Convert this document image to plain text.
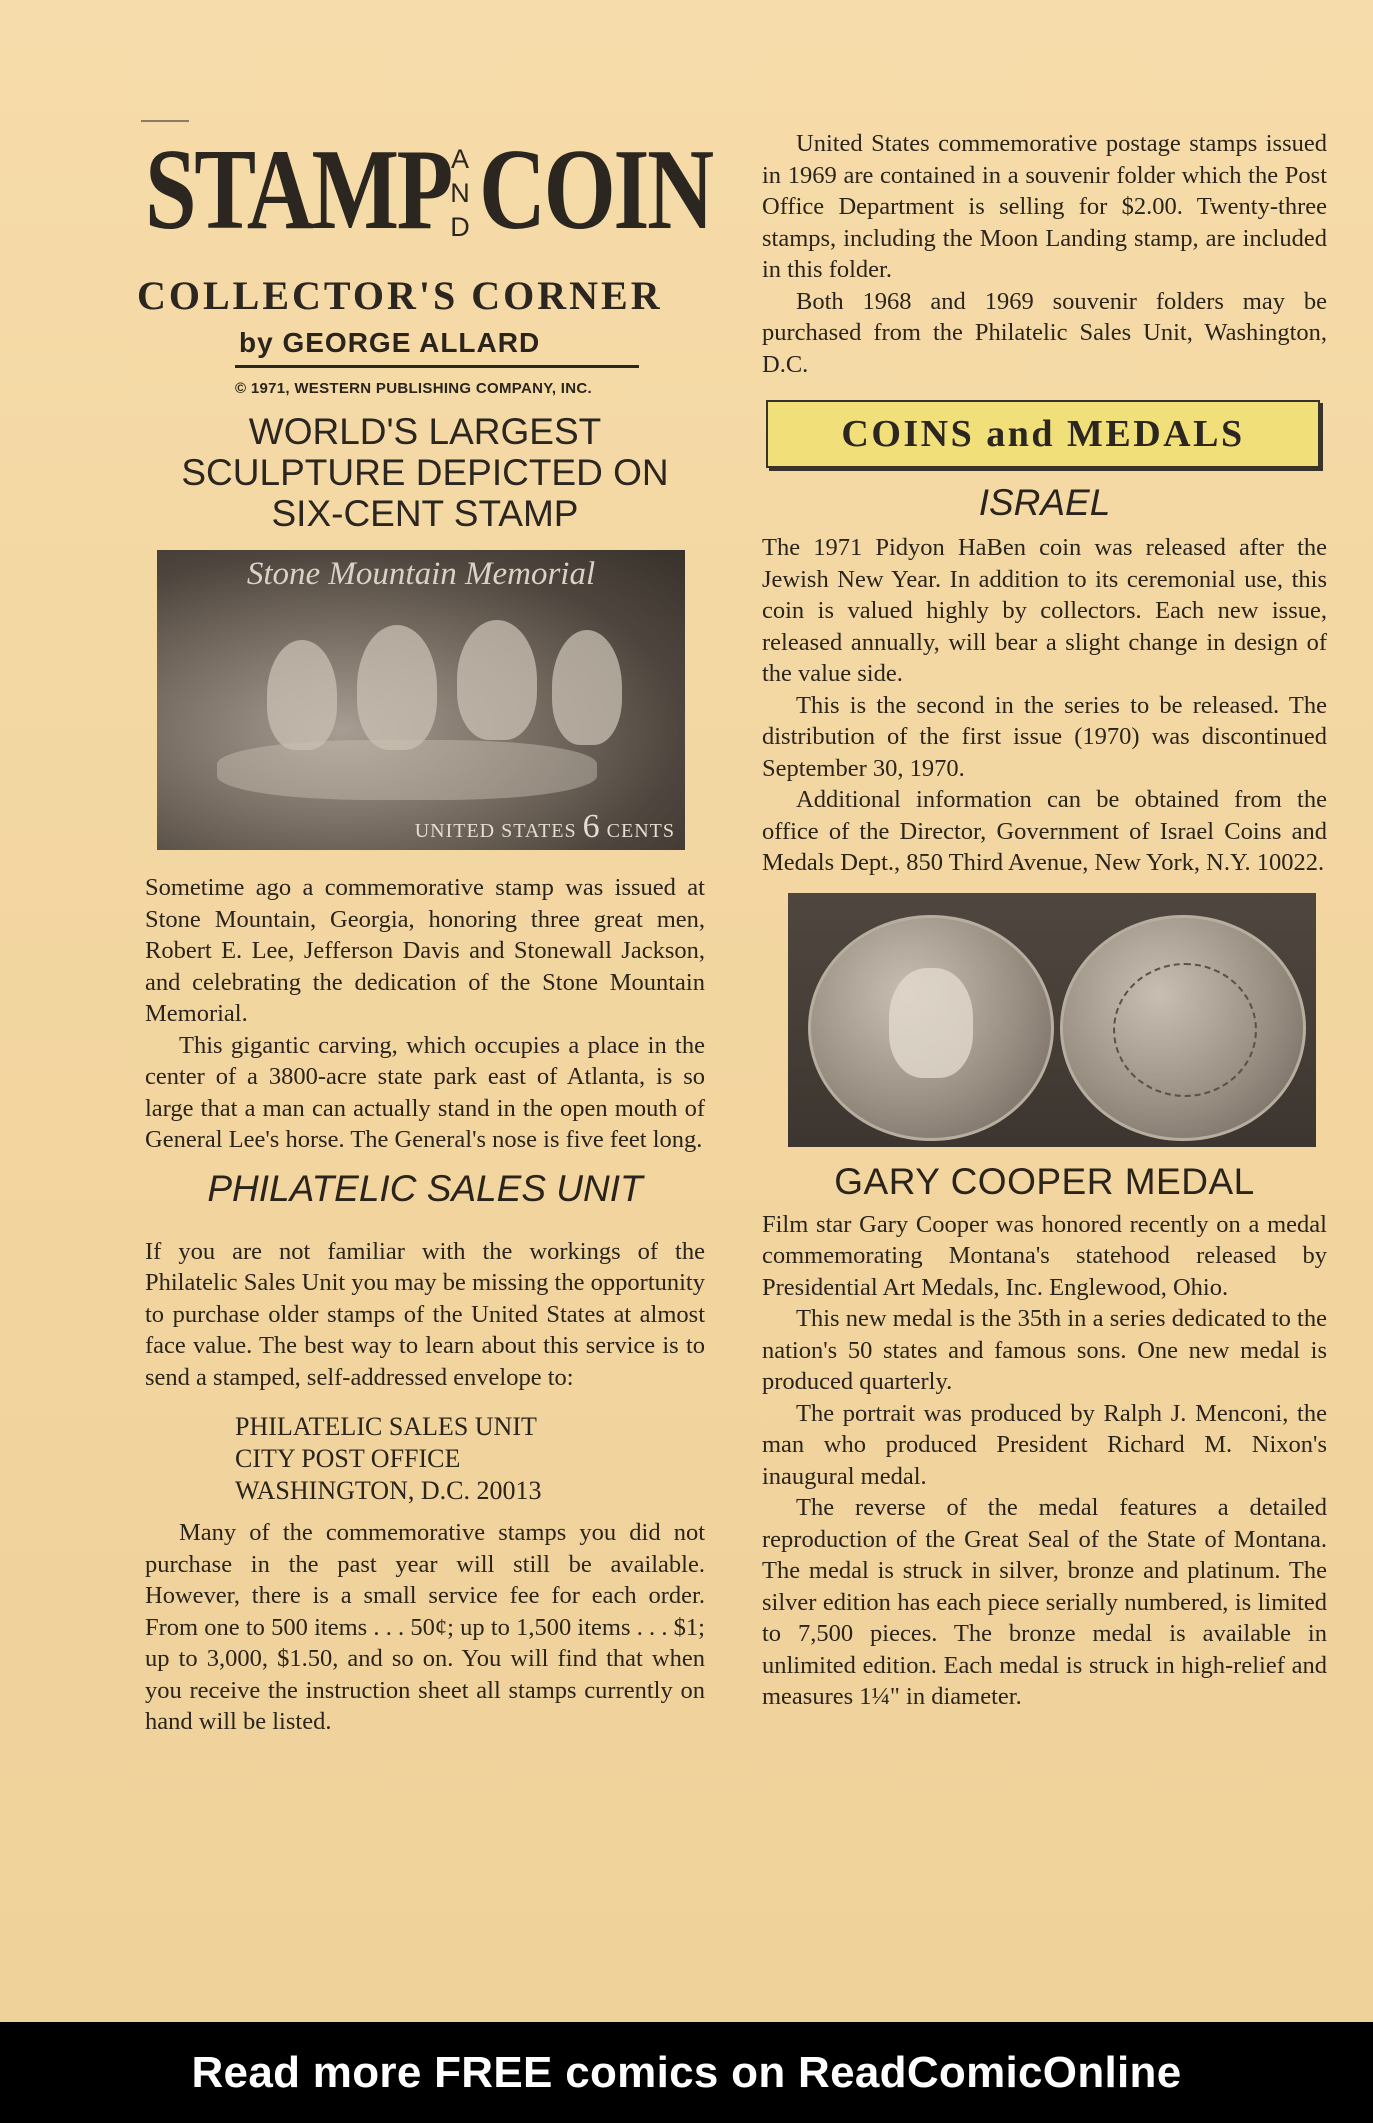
STAMP A
N
D COIN
COLLECTOR'S CORNER
by GEORGE ALLARD
© 1971, WESTERN PUBLISHING COMPANY, INC.
WORLD'S LARGEST
SCULPTURE DEPICTED ON
SIX-CENT STAMP
Stone Mountain Memorial
UNITED STATES 6 CENTS

Sometime ago a commemorative stamp was issued at Stone Mountain, Georgia, honoring three great men, Robert E. Lee, Jefferson Davis and Stonewall Jackson, and celebrating the dedication of the Stone Mountain Memorial.

This gigantic carving, which occupies a place in the center of a 3800-acre state park east of Atlanta, is so large that a man can actually stand in the open mouth of General Lee's horse. The General's nose is five feet long.

PHILATELIC SALES UNIT

If you are not familiar with the workings of the Philatelic Sales Unit you may be missing the opportunity to purchase older stamps of the United States at almost face value. The best way to learn about this service is to send a stamped, self-addressed envelope to:

PHILATELIC SALES UNIT
CITY POST OFFICE
WASHINGTON, D.C. 20013

Many of the commemorative stamps you did not purchase in the past year will still be available. However, there is a small service fee for each order. From one to 500 items . . . 50¢; up to 1,500 items . . . $1; up to 3,000, $1.50, and so on. You will find that when you receive the instruction sheet all stamps currently on hand will be listed.

United States commemorative postage stamps issued in 1969 are contained in a souvenir folder which the Post Office Department is selling for $2.00. Twenty-three stamps, including the Moon Landing stamp, are included in this folder.

Both 1968 and 1969 souvenir folders may be purchased from the Philatelic Sales Unit, Washington, D.C.

COINS and MEDALS
ISRAEL

The 1971 Pidyon HaBen coin was released after the Jewish New Year. In addition to its ceremonial use, this coin is valued highly by collectors. Each new issue, released annually, will bear a slight change in design of the value side.

This is the second in the series to be released. The distribution of the first issue (1970) was discontinued September 30, 1970.

Additional information can be obtained from the office of the Director, Government of Israel Coins and Medals Dept., 850 Third Avenue, New York, N.Y. 10022.

GARY COOPER MEDAL

Film star Gary Cooper was honored recently on a medal commemorating Montana's statehood released by Presidential Art Medals, Inc. Englewood, Ohio.

This new medal is the 35th in a series dedicated to the nation's 50 states and famous sons. One new medal is produced quarterly.

The portrait was produced by Ralph J. Menconi, the man who produced President Richard M. Nixon's inaugural medal.

The reverse of the medal features a detailed reproduction of the Great Seal of the State of Montana. The medal is struck in silver, bronze and platinum. The silver edition has each piece serially numbered, is limited to 7,500 pieces. The bronze medal is available in unlimited edition. Each medal is struck in high-relief and measures 1¼" in diameter.

Read more FREE comics on ReadComicOnline
